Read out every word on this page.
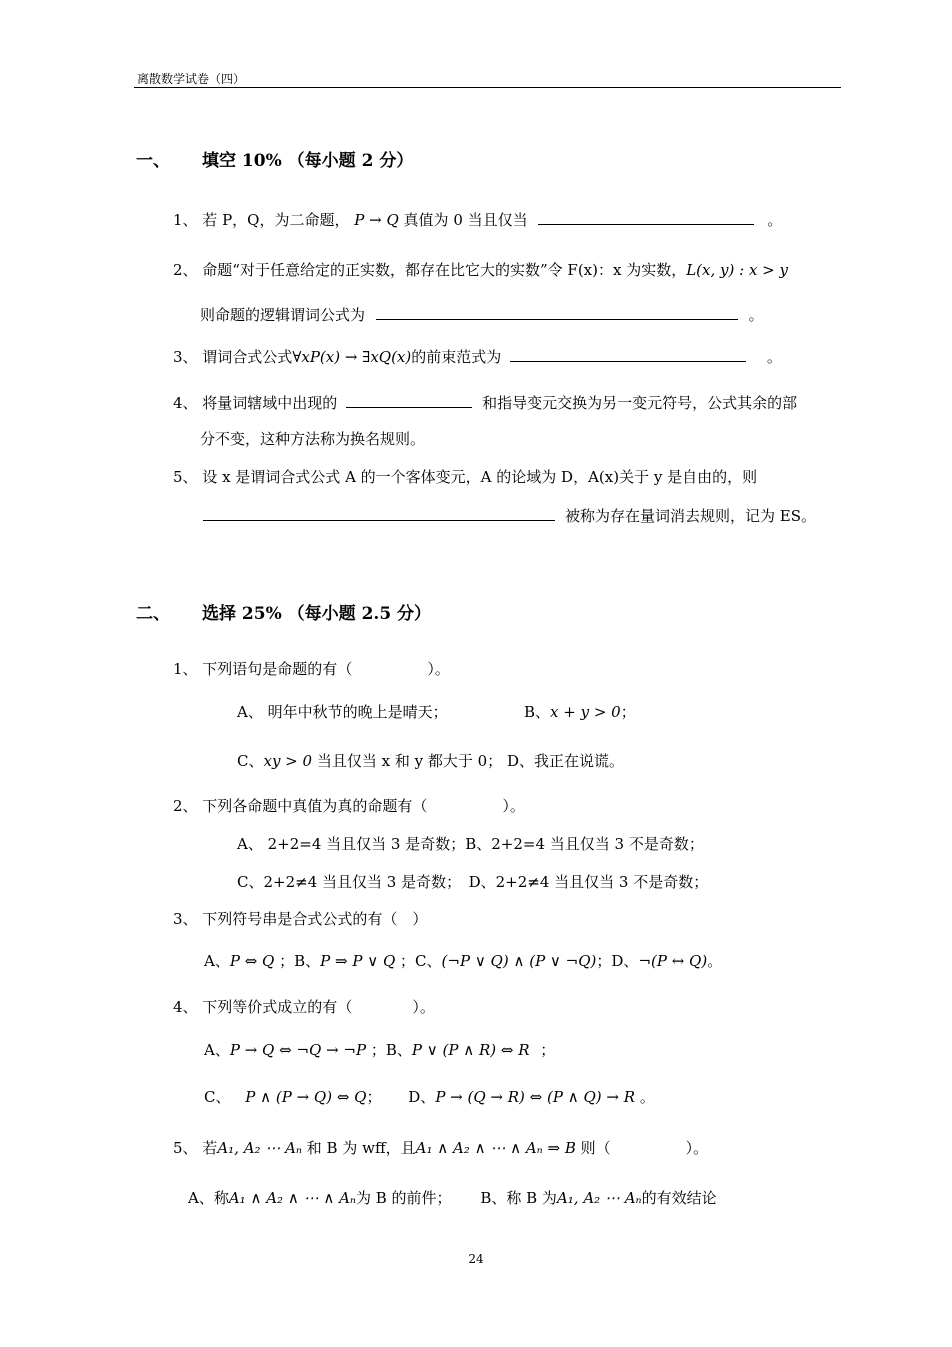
离散数学试卷（四）
一、 填空 10% （每小题 2 分）
1、 若 P，Q，为二命题， P → Q 真值为 0 当且仅当	。
2、 命题“对于任意给定的正实数，都存在比它大的实数”令 F(x)：x 为实数，L(x, y) : x > y
则命题的逻辑谓词公式为	。
3、 谓词合式公式∀xP(x) → ∃xQ(x)的前束范式为	。
4、 将量词辖域中出现的	和指导变元交换为另一变元符号，公式其余的部
分不变，这种方法称为换名规则。
5、 设 x 是谓词合式公式 A 的一个客体变元，A 的论域为 D，A(x)关于 y 是自由的，则
被称为存在量词消去规则，记为 ES。
二、 选择 25% （每小题 2.5 分）
1、 下列语句是命题的有（　　　　　）。
A、 明年中秋节的晚上是晴天；	B、x + y > 0；
C、xy > 0 当且仅当 x 和 y 都大于 0； D、我正在说谎。
2、 下列各命题中真值为真的命题有（　　　　　）。
A、 2+2=4 当且仅当 3 是奇数；B、2+2=4 当且仅当 3 不是奇数；
C、2+2≠4 当且仅当 3 是奇数；　D、2+2≠4 当且仅当 3 不是奇数；
3、 下列符号串是合式公式的有（　）
A、P ⇔ Q ；B、P ⇒ P ∨ Q ；C、(¬P ∨ Q) ∧ (P ∨ ¬Q)；D、¬(P ↔ Q)。
4、 下列等价式成立的有（　　　　）。
A、P → Q ⇔ ¬Q → ¬P ；B、P ∨ (P ∧ R) ⇔ R ；
C、 P ∧ (P → Q) ⇔ Q； D、P → (Q → R) ⇔ (P ∧ Q) → R 。
5、 若A₁, A₂ ⋯ Aₙ 和 B 为 wff，且A₁ ∧ A₂ ∧ ⋯ ∧ Aₙ ⇒ B 则（　　　　　）。
A、称A₁ ∧ A₂ ∧ ⋯ ∧ Aₙ为 B 的前件； B、称 B 为A₁, A₂ ⋯ Aₙ的有效结论
24
